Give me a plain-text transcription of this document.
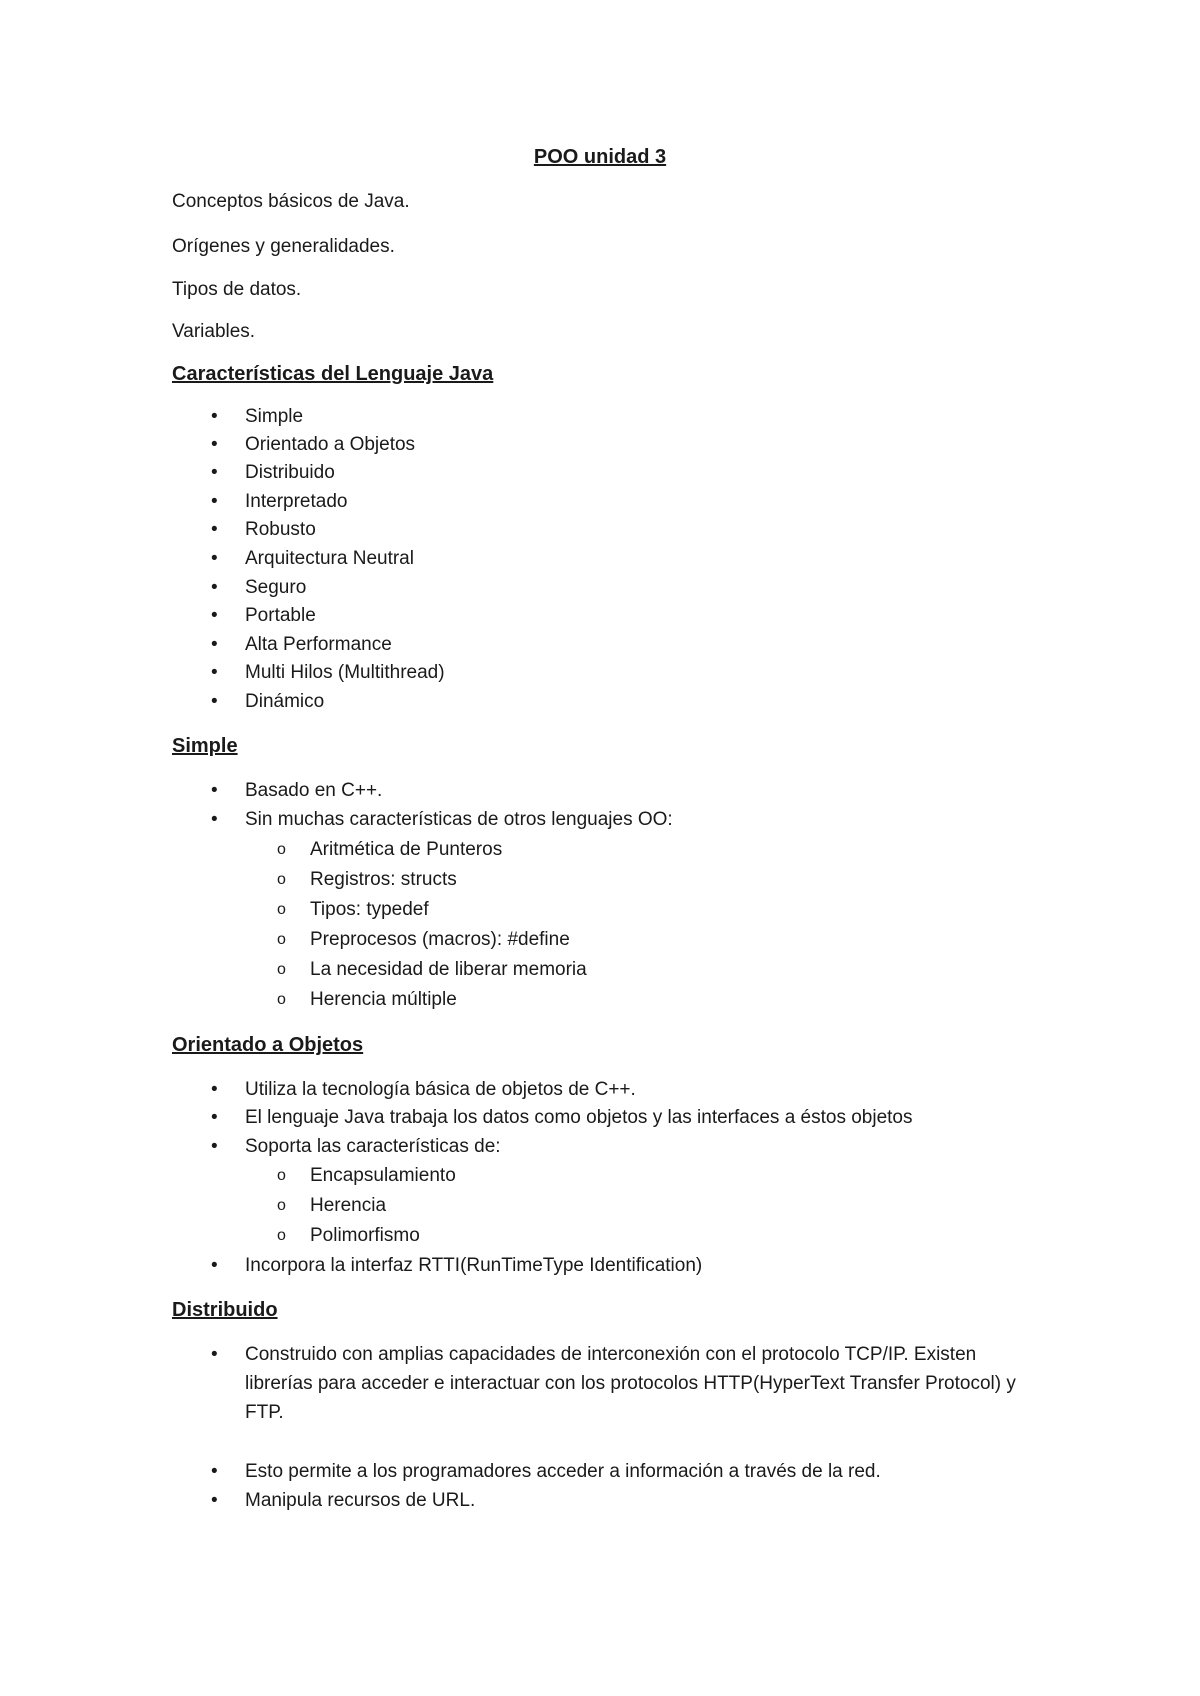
POO unidad 3
Conceptos básicos de Java.
Orígenes y generalidades.
Tipos de datos.
Variables.
Características del Lenguaje Java
• Simple
• Orientado a Objetos
• Distribuido
• Interpretado
• Robusto
• Arquitectura Neutral
• Seguro
• Portable
• Alta Performance
• Multi Hilos (Multithread)
• Dinámico
Simple
• Basado en C++.
• Sin muchas características de otros lenguajes OO:
o Aritmética de Punteros
o Registros: structs
o Tipos: typedef
o Preprocesos (macros): #define
o La necesidad de liberar memoria
o Herencia múltiple
Orientado a Objetos
• Utiliza la tecnología básica de objetos de C++.
• El lenguaje Java trabaja los datos como objetos y las interfaces a éstos objetos
• Soporta las características de:
o Encapsulamiento
o Herencia
o Polimorfismo
• Incorpora la interfaz RTTI(RunTimeType Identification)
Distribuido
• Construido con amplias capacidades de interconexión con el protocolo TCP/IP. Existen librerías para acceder e interactuar con los protocolos HTTP(HyperText Transfer Protocol) y FTP.
• Esto permite a los programadores acceder a información a través de la red.
• Manipula recursos de URL.
